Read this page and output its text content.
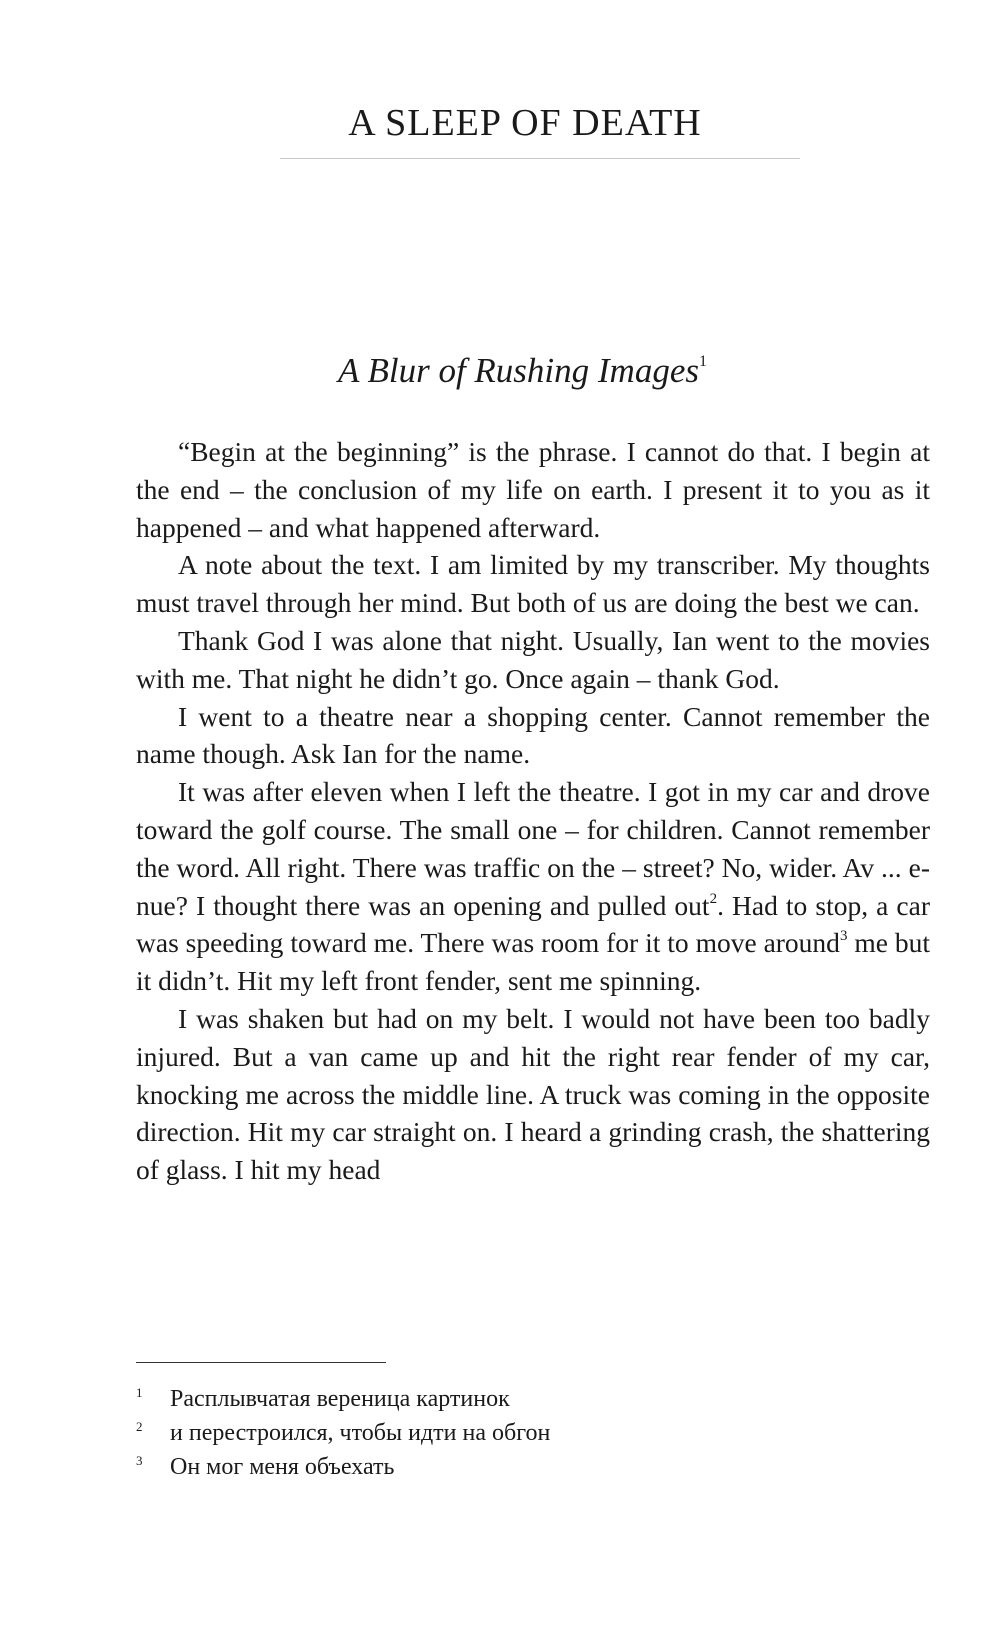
A SLEEP OF DEATH
A Blur of Rushing Images$^1$

“Begin at the beginning” is the phrase. I cannot do that. I begin at the end – the conclusion of my life on earth. I present it to you as it happened – and what happened afterward.

A note about the text. I am limited by my transcriber. My thoughts must travel through her mind. But both of us are doing the best we can.

Thank God I was alone that night. Usually, Ian went to the movies with me. That night he didn’t go. Once again – thank God.

I went to a theatre near a shopping center. Cannot remember the name though. Ask Ian for the name.

It was after eleven when I left the theatre. I got in my car and drove toward the golf course. The small one – for children. Cannot remember the word. All right. There was traffic on the – street? No, wider. Av ... e-nue? I thought there was an opening and pulled out$^2$. Had to stop, a car was speeding toward me. There was room for it to move around$^3$ me but it didn’t. Hit my left front fender, sent me spinning.

I was shaken but had on my belt. I would not have been too badly injured. But a van came up and hit the right rear fender of my car, knocking me across the middle line. A truck was coming in the opposite direction. Hit my car straight on. I heard a grinding crash, the shattering of glass. I hit my head

1 Расплывчатая вереница картинок
2 и перестроился, чтобы идти на обгон
3 Он мог меня объехать
